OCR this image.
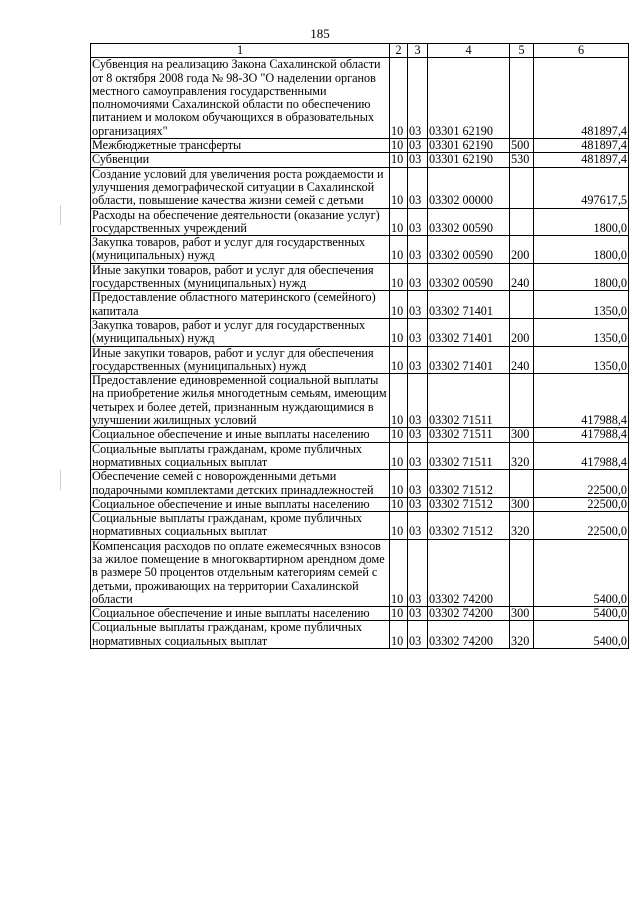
185
1	2	3	4	5	6
Субвенция на реализацию Закона Сахалинской области от 8 октября 2008 года № 98-ЗО "О наделении органов местного самоуправления государственными полномочиями Сахалинской области по обеспечению питанием и молоком обучающихся в образовательных организациях"	10	03	03301 62190		481897,4
Межбюджетные трансферты	10	03	03301 62190	500	481897,4
Субвенции	10	03	03301 62190	530	481897,4
Создание условий для увеличения роста рождаемости и улучшения демографической ситуации в Сахалинской области, повышение качества жизни семей с детьми	10	03	03302 00000		497617,5
Расходы на обеспечение деятельности (оказание услуг) государственных учреждений	10	03	03302 00590		1800,0
Закупка товаров, работ и услуг для государственных (муниципальных) нужд	10	03	03302 00590	200	1800,0
Иные закупки товаров, работ и услуг для обеспечения государственных (муниципальных) нужд	10	03	03302 00590	240	1800,0
Предоставление областного материнского (семейного) капитала	10	03	03302 71401		1350,0
Закупка товаров, работ и услуг для государственных (муниципальных) нужд	10	03	03302 71401	200	1350,0
Иные закупки товаров, работ и услуг для обеспечения государственных (муниципальных) нужд	10	03	03302 71401	240	1350,0
Предоставление единовременной социальной выплаты на приобретение жилья многодетным семьям, имеющим четырех и более детей, признанным нуждающимися в улучшении жилищных условий	10	03	03302 71511		417988,4
Социальное обеспечение и иные выплаты населению	10	03	03302 71511	300	417988,4
Социальные выплаты гражданам, кроме публичных нормативных социальных выплат	10	03	03302 71511	320	417988,4
Обеспечение семей с новорожденными детьми подарочными комплектами детских принадлежностей	10	03	03302 71512		22500,0
Социальное обеспечение и иные выплаты населению	10	03	03302 71512	300	22500,0
Социальные выплаты гражданам, кроме публичных нормативных социальных выплат	10	03	03302 71512	320	22500,0
Компенсация расходов по оплате ежемесячных взносов за жилое помещение в многоквартирном арендном доме в размере 50 процентов отдельным категориям семей с детьми, проживающих на территории Сахалинской области	10	03	03302 74200		5400,0
Социальное обеспечение и иные выплаты населению	10	03	03302 74200	300	5400,0
Социальные выплаты гражданам, кроме публичных нормативных социальных выплат	10	03	03302 74200	320	5400,0
